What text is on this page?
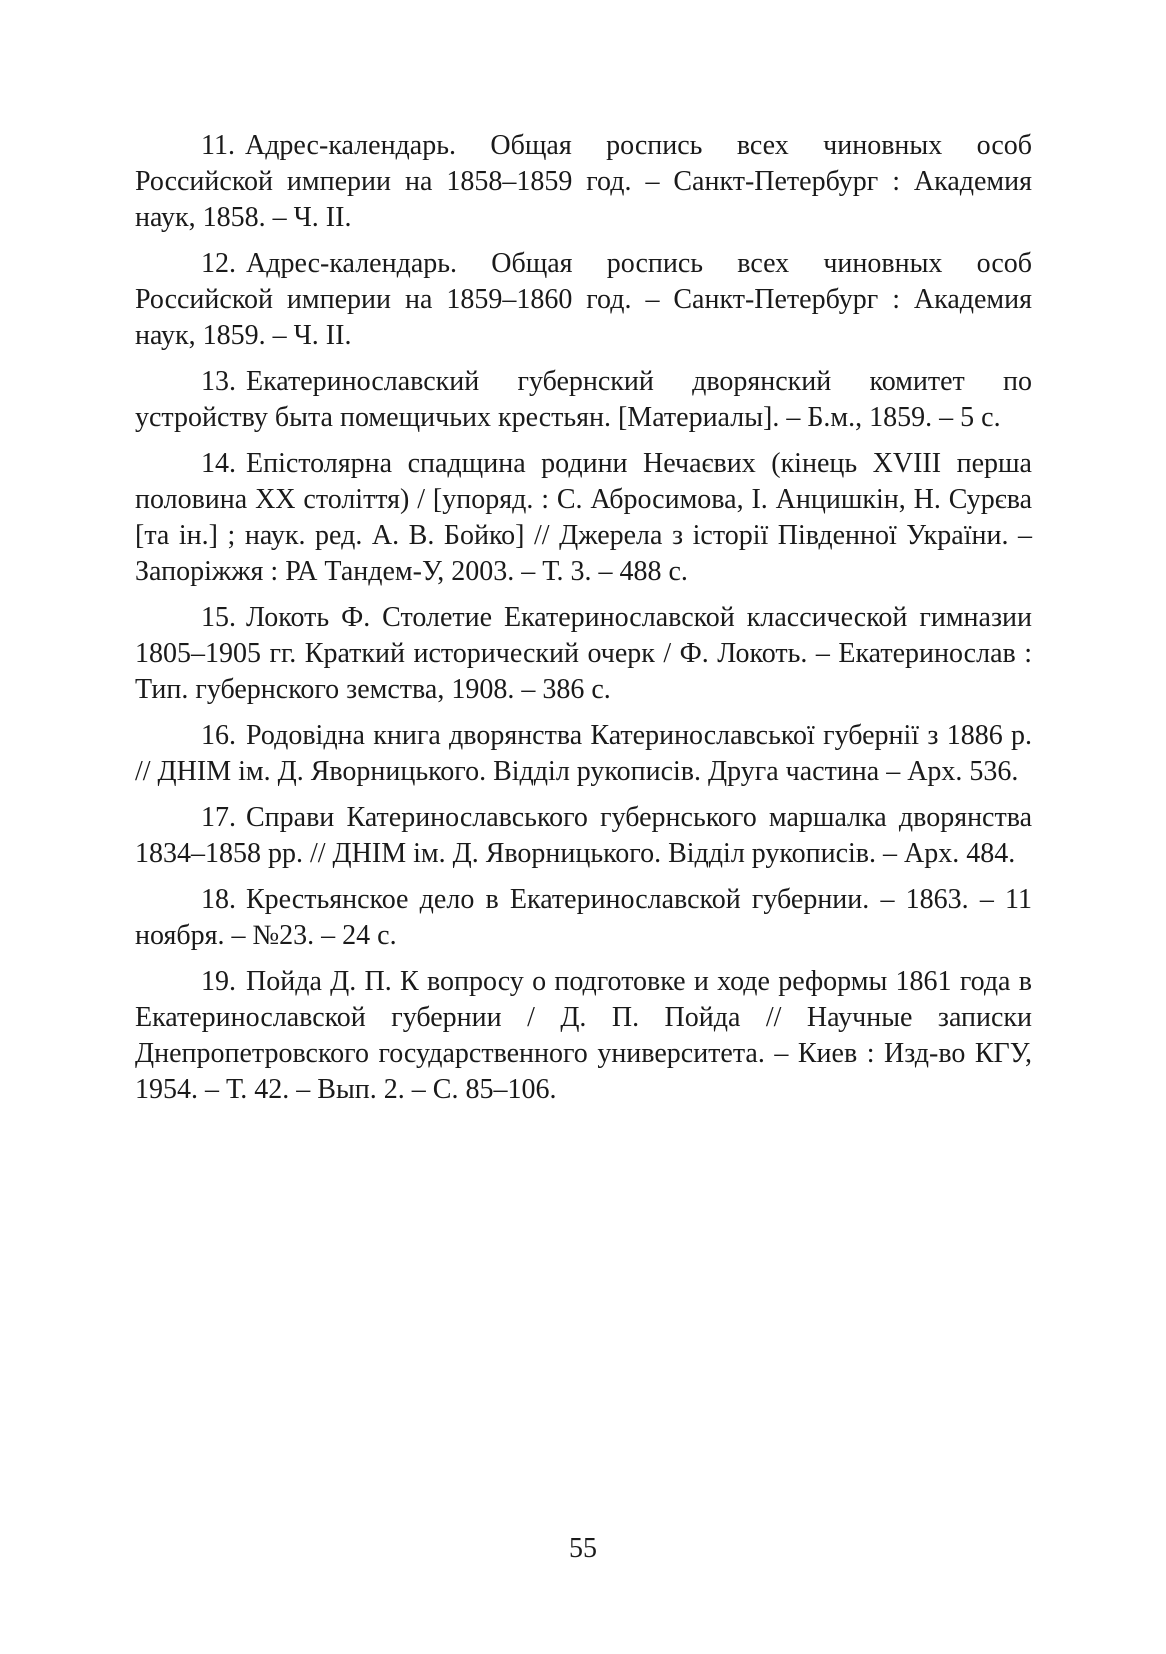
11. Адрес-календарь. Общая роспись всех чиновных особ Российской империи на 1858–1859 год. – Санкт-Петербург : Академия наук, 1858. – Ч. II.
12. Адрес-календарь. Общая роспись всех чиновных особ Российской империи на 1859–1860 год. – Санкт-Петербург : Академия наук, 1859. – Ч. II.
13. Екатеринославский губернский дворянский комитет по устройству быта помещичьих крестьян. [Материалы]. – Б.м., 1859. – 5 с.
14. Епістолярна спадщина родини Нечаєвих (кінець XVIII перша половина XX століття) / [упоряд. : С. Абросимова, І. Анцишкін, Н. Сурєва [та ін.] ; наук. ред. А. В. Бойко] // Джерела з історії Південної України. – Запоріжжя : РА Тандем-У, 2003. – Т. 3. – 488 с.
15. Локоть Ф. Столетие Екатеринославской классической гимназии 1805–1905 гг. Краткий исторический очерк / Ф. Локоть. – Екатеринослав : Тип. губернского земства, 1908. – 386 с.
16. Родовідна книга дворянства Катеринославської губернії з 1886 р. // ДНІМ ім. Д. Яворницького. Відділ рукописів. Друга частина – Арх. 536.
17. Справи Катеринославського губернського маршалка дворянства 1834–1858 рр. // ДНІМ ім. Д. Яворницького. Відділ рукописів. – Арх. 484.
18. Крестьянское дело в Екатеринославской губернии. – 1863. – 11 ноября. – №23. – 24 с.
19. Пойда Д. П. К вопросу о подготовке и ходе реформы 1861 года в Екатеринославской губернии / Д. П. Пойда // Научные записки Днепропетровского государственного университета. – Киев : Изд-во КГУ, 1954. – Т. 42. – Вып. 2. – С. 85–106.
55
